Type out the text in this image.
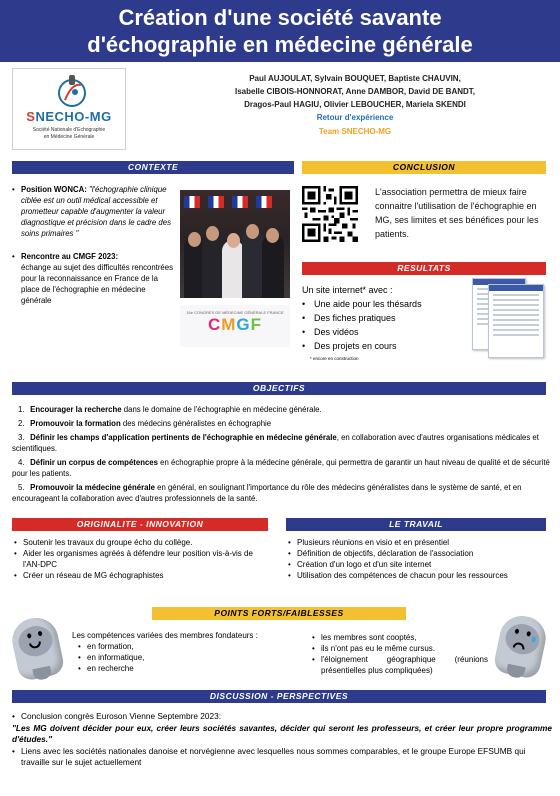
Création d'une société savante
d'échographie en médecine générale
SNECHO-MG
Société Nationale d'Echographie
en Médecine Générale
Paul AUJOULAT, Sylvain BOUQUET, Baptiste CHAUVIN,
Isabelle CIBOIS-HONNORAT, Anne DAMBOR, David DE BANDT,
Dragos-Paul HAGIU, Olivier LEBOUCHER, Mariela SKENDI
Retour d'expérience
Team SNECHO-MG
CONTEXTE
• Position WONCA: "l'échographie clinique ciblée est un outil médical accessible et prometteur capable d'augmenter la valeur diagnostique et précision dans le cadre des soins primaires "
• Rencontre au CMGF 2023:
échange au sujet des difficultés rencontrées pour la reconnaissance en France de la place de l'échographie en médecine générale
16e CONGRÈS DE MÉDECINE GÉNÉRALE FRANCE
CMGF
CONCLUSION
L'association permettra de mieux faire connaitre l'utilisation de l'échographie en MG, ses limites et ses bénéfices pour les patients.
RESULTATS
Un site internet* avec :
• Une aide pour les thésards
• Des fiches pratiques
• Des vidéos
• Des projets en cours
* encore en construction
OBJECTIFS
1. Encourager la recherche dans le domaine de l'échographie en médecine générale.
2. Promouvoir la formation des médecins généralistes en échographie
3. Définir les champs d'application pertinents de l'échographie en médecine générale, en collaboration avec d'autres organisations médicales et scientifiques.
4. Définir un corpus de compétences en échographie propre à la médecine générale, qui permettra de garantir un haut niveau de qualité et de sécurité pour les patients.
5. Promouvoir la médecine générale en général, en soulignant l'importance du rôle des médecins généralistes dans le système de santé, et en encourageant la collaboration avec d'autres professionnels de la santé.
ORIGINALITE - INNOVATION
• Soutenir les travaux du groupe écho du collège.
• Aider les organismes agréés à défendre leur position vis-à-vis de l'AN-DPC
• Créer un réseau de MG échographistes
LE TRAVAIL
• Plusieurs réunions en visio et en présentiel
• Définition de objectifs, déclaration de l'association
• Création d'un logo et d'un site internet
• Utilisation des compétences de chacun pour les ressources
POINTS FORTS/FAIBLESSES
Les compétences variées des membres fondateurs :
• en formation,
• en informatique,
• en recherche
• les membres sont cooptés,
• ils n'ont pas eu le même cursus.
• l'éloignement géographique (réunions présentielles plus compliquées)
DISCUSSION - PERSPECTIVES
• Conclusion congrès Euroson Vienne Septembre 2023:
"Les MG doivent décider pour eux, créer leurs sociétés savantes, décider qui seront les professeurs, et créer leur propre programme d'études."
• Liens avec les sociétés nationales danoise et norvégienne avec lesquelles nous sommes comparables, et le groupe Europe EFSUMB qui travaille sur le sujet actuellement
